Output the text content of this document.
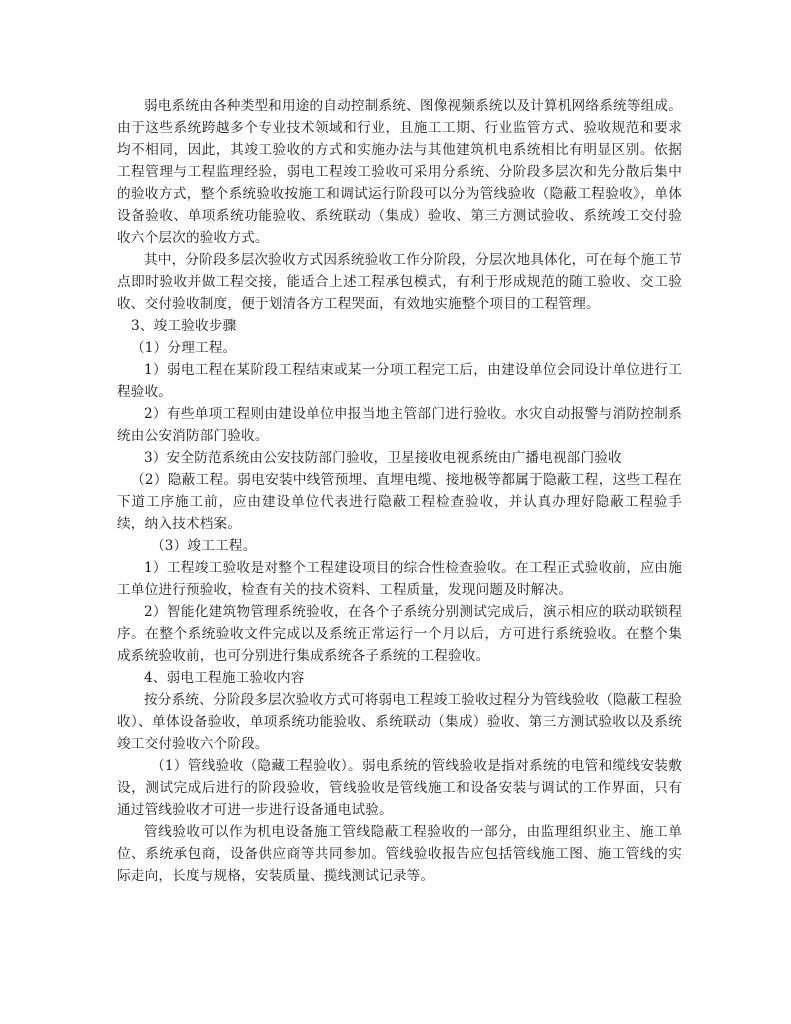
弱电系统由各种类型和用途的自动控制系统、图像视频系统以及计算机网络系统等组成。由于这些系统跨越多个专业技术领域和行业，且施工工期、行业监管方式、验收规范和要求均不相同，因此，其竣工验收的方式和实施办法与其他建筑机电系统相比有明显区别。依据工程管理与工程监理经验，弱电工程竣工验收可采用分系统、分阶段多层次和先分散后集中的验收方式，整个系统验收按施工和调试运行阶段可以分为管线验收（隐蔽工程验收》，单体设备验收、单项系统功能验收、系统联动（集成）验收、第三方测试验收、系统竣工交付验收六个层次的验收方式。

其中，分阶段多层次验收方式因系统验收工作分阶段，分层次地具体化，可在每个施工节点即时验收并做工程交接，能适合上述工程承包模式，有利于形成规范的随工验收、交工验收、交付验收制度，便于划清各方工程哭面，有效地实施整个项目的工程管理。

3、竣工验收步骤

（1）分理工程。

1）弱电工程在某阶段工程结束或某一分项工程完工后，由建设单位会同设计单位进行工程验收。

2）有些单项工程则由建设单位申报当地主管部门进行验收。水灾自动报警与消防控制系统由公安消防部门验收。

3）安全防范系统由公安技防部门验收，卫星接收电视系统由广播电视部门验收

（2）隐蔽工程。弱电安装中线管预埋、直埋电缆、接地极等都属于隐蔽工程，这些工程在下道工序施工前，应由建设单位代表进行隐蔽工程检查验收，并认真办理好隐蔽工程验手续，纳入技术档案。

（3）竣工工程。

1）工程竣工验收是对整个工程建设项目的综合性检查验收。在工程正式验收前，应由施工单位进行预验收，检查有关的技术资料、工程质量，发现问题及时解决。

2）智能化建筑物管理系统验收，在各个子系统分别测试完成后，演示相应的联动联锁程序。在整个系统验收文件完成以及系统正常运行一个月以后，方可进行系统验收。在整个集成系统验收前，也可分别进行集成系统各子系统的工程验收。

4、弱电工程施工验收内容

按分系统、分阶段多层次验收方式可将弱电工程竣工验收过程分为管线验收（隐蔽工程验收）、单体设备验收，单项系统功能验收、系统联动（集成）验收、第三方测试验收以及系统竣工交付验收六个阶段。

（1）管线验收（隐藏工程验收）。弱电系统的管线验收是指对系统的电管和缆线安装敷设，测试完成后进行的阶段验收，管线验收是管线施工和设备安装与调试的工作界面，只有通过管线验收才可进一步进行设备通电试验。

管线验收可以作为机电设备施工管线隐蔽工程验收的一部分，由监理组织业主、施工单位、系统承包商，设备供应商等共同参加。管线验收报告应包括管线施工图、施工管线的实际走向，长度与规格，安装质量、揽线测试记录等。
